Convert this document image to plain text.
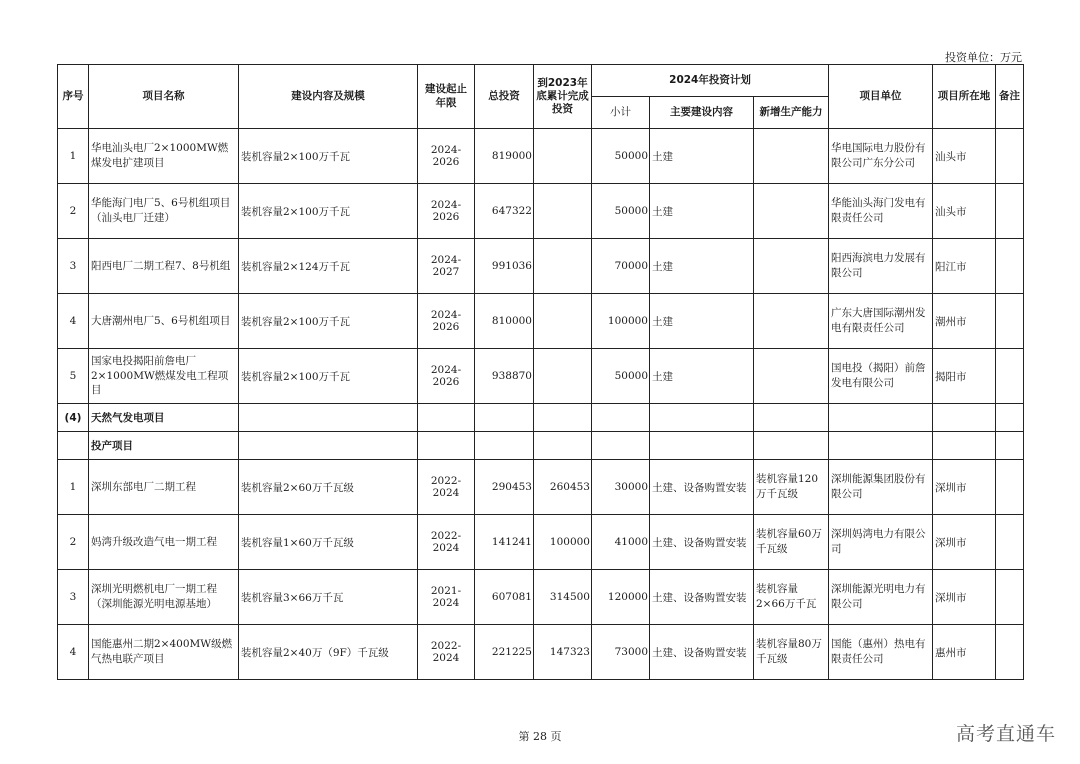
投资单位：万元
序号	项目名称	建设内容及规模	建设起止年限	总投资	到2023年底累计完成投资	2024年投资计划			项目单位	项目所在地	备注
						小计	主要建设内容	新增生产能力			
1	华电汕头电厂2×1000MW燃煤发电扩建项目	装机容量2×100万千瓦	2024-2026	819000		50000	土建		华电国际电力股份有限公司广东分公司	汕头市	
2	华能海门电厂5、6号机组项目（汕头电厂迁建）	装机容量2×100万千瓦	2024-2026	647322		50000	土建		华能汕头海门发电有限责任公司	汕头市	
3	阳西电厂二期工程7、8号机组	装机容量2×124万千瓦	2024-2027	991036		70000	土建		阳西海滨电力发展有限公司	阳江市	
4	大唐潮州电厂5、6号机组项目	装机容量2×100万千瓦	2024-2026	810000		100000	土建		广东大唐国际潮州发电有限责任公司	潮州市	
5	国家电投揭阳前詹电厂2×1000MW燃煤发电工程项目	装机容量2×100万千瓦	2024-2026	938870		50000	土建		国电投（揭阳）前詹发电有限公司	揭阳市	
(4)	天然气发电项目										
	投产项目										
1	深圳东部电厂二期工程	装机容量2×60万千瓦级	2022-2024	290453	260453	30000	土建、设备购置安装	装机容量120万千瓦级	深圳能源集团股份有限公司	深圳市	
2	妈湾升级改造气电一期工程	装机容量1×60万千瓦级	2022-2024	141241	100000	41000	土建、设备购置安装	装机容量60万千瓦级	深圳妈湾电力有限公司	深圳市	
3	深圳光明燃机电厂一期工程（深圳能源光明电源基地）	装机容量3×66万千瓦	2021-2024	607081	314500	120000	土建、设备购置安装	装机容量2×66万千瓦	深圳能源光明电力有限公司	深圳市	
4	国能惠州二期2×400MW级燃气热电联产项目	装机容量2×40万（9F）千瓦级	2022-2024	221225	147323	73000	土建、设备购置安装	装机容量80万千瓦级	国能（惠州）热电有限责任公司	惠州市	
第 28 页	高考直通车
